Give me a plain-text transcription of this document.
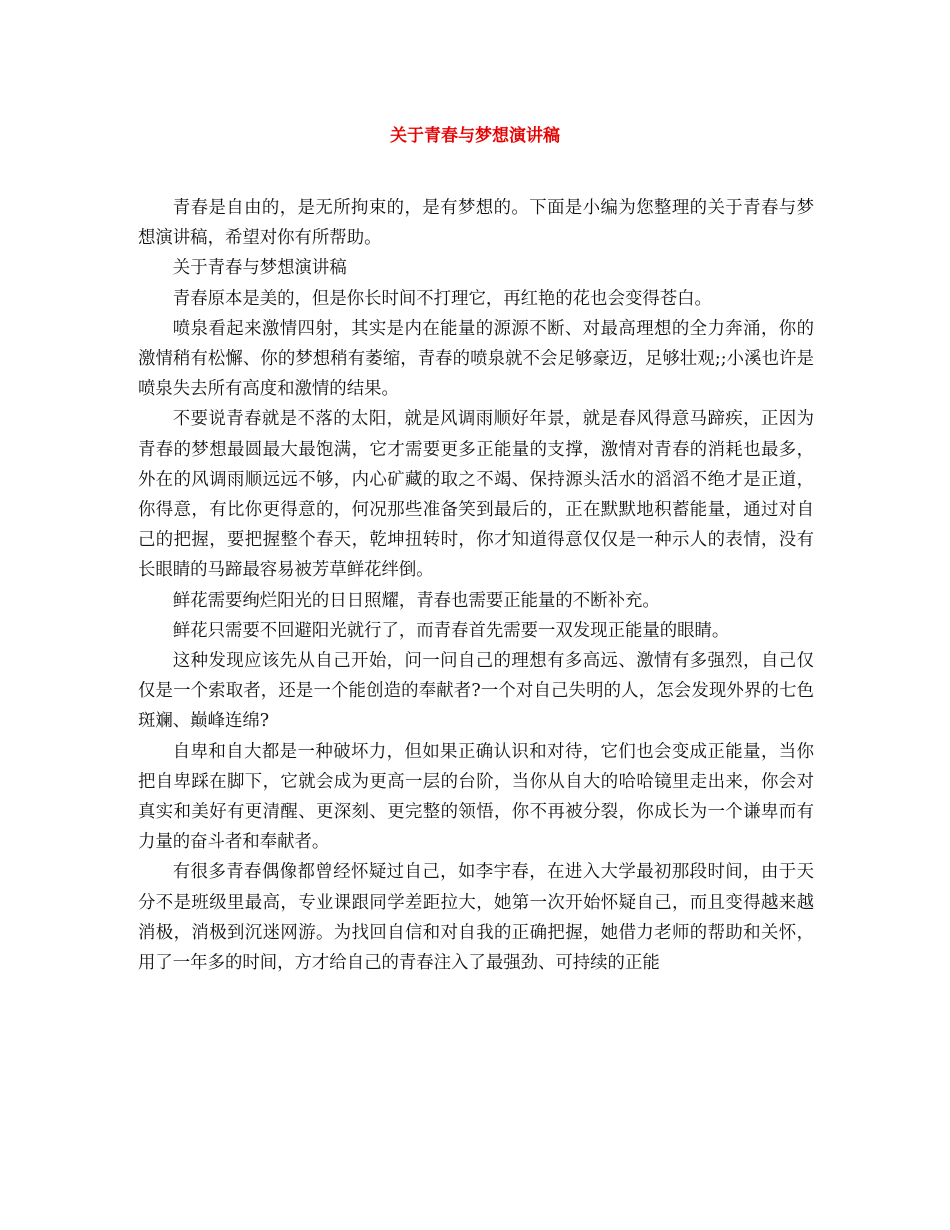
关于青春与梦想演讲稿

青春是自由的，是无所拘束的，是有梦想的。下面是小编为您整理的关于青春与梦想演讲稿，希望对你有所帮助。

关于青春与梦想演讲稿

青春原本是美的，但是你长时间不打理它，再红艳的花也会变得苍白。

喷泉看起来激情四射，其实是内在能量的源源不断、对最高理想的全力奔涌，你的激情稍有松懈、你的梦想稍有萎缩，青春的喷泉就不会足够豪迈，足够壮观;;小溪也许是喷泉失去所有高度和激情的结果。

不要说青春就是不落的太阳，就是风调雨顺好年景，就是春风得意马蹄疾，正因为青春的梦想最圆最大最饱满，它才需要更多正能量的支撑，激情对青春的消耗也最多，外在的风调雨顺远远不够，内心矿藏的取之不竭、保持源头活水的滔滔不绝才是正道，你得意，有比你更得意的，何况那些准备笑到最后的，正在默默地积蓄能量，通过对自己的把握，要把握整个春天，乾坤扭转时，你才知道得意仅仅是一种示人的表情，没有长眼睛的马蹄最容易被芳草鲜花绊倒。

鲜花需要绚烂阳光的日日照耀，青春也需要正能量的不断补充。

鲜花只需要不回避阳光就行了，而青春首先需要一双发现正能量的眼睛。

这种发现应该先从自己开始，问一问自己的理想有多高远、激情有多强烈，自己仅仅是一个索取者，还是一个能创造的奉献者?一个对自己失明的人，怎会发现外界的七色斑斓、巅峰连绵?

自卑和自大都是一种破坏力，但如果正确认识和对待，它们也会变成正能量，当你把自卑踩在脚下，它就会成为更高一层的台阶，当你从自大的哈哈镜里走出来，你会对真实和美好有更清醒、更深刻、更完整的领悟，你不再被分裂，你成长为一个谦卑而有力量的奋斗者和奉献者。

有很多青春偶像都曾经怀疑过自己，如李宇春，在进入大学最初那段时间，由于天分不是班级里最高，专业课跟同学差距拉大，她第一次开始怀疑自己，而且变得越来越消极，消极到沉迷网游。为找回自信和对自我的正确把握，她借力老师的帮助和关怀，用了一年多的时间，方才给自己的青春注入了最强劲、可持续的正能
